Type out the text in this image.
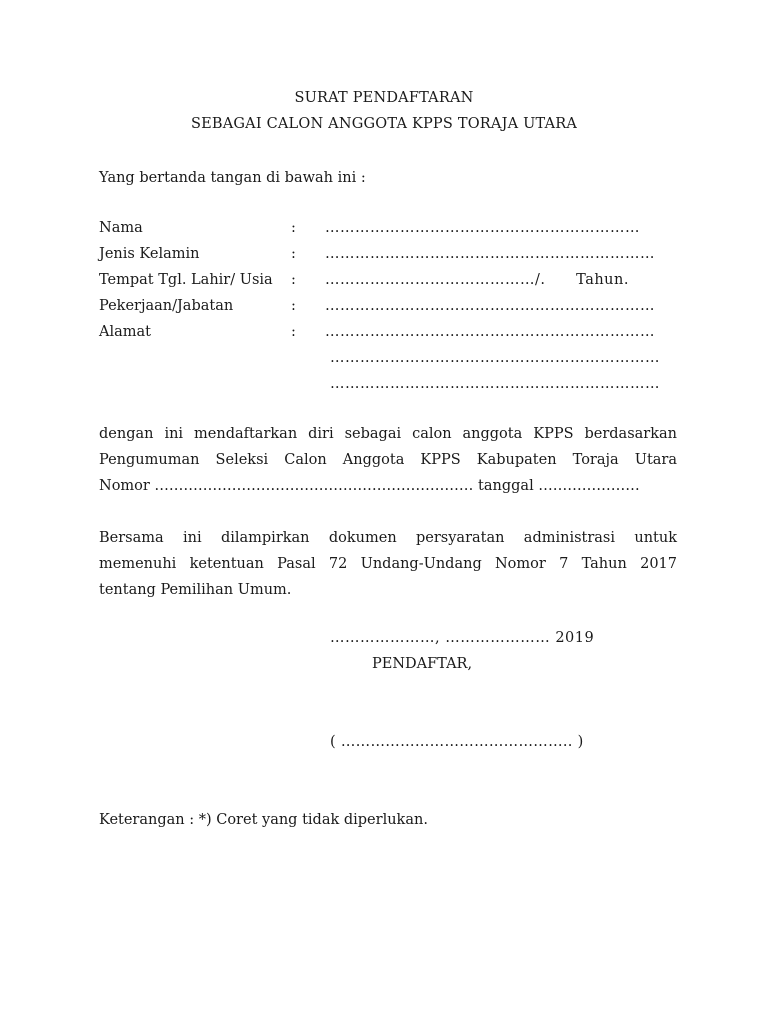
SURAT PENDAFTARAN
SEBAGAI CALON ANGGOTA KPPS TORAJA UTARA
Yang bertanda tangan di bawah ini :
Nama	: ………………………………………………………
Jenis Kelamin	: …………………………………………………………
Tempat Tgl. Lahir/ Usia : ……………………………………/.      Tahun.
Pekerjaan/Jabatan	: …………………………………………………………
Alamat	: …………………………………………………………
…………………………………………………………
…………………………………………………………
dengan ini mendaftarkan diri sebagai calon anggota KPPS berdasarkan
Pengumuman Seleksi Calon Anggota KPPS Kabupaten Toraja Utara
Nomor ………………………………………………………… tanggal …………………
Bersama ini dilampirkan dokumen persyaratan administrasi untuk
memenuhi ketentuan Pasal 72 Undang-Undang Nomor 7 Tahun 2017
tentang Pemilihan Umum.
…………………, ………………… 2019
PENDAFTAR,
( ……………………………………….. )
Keterangan : *) Coret yang tidak diperlukan.
